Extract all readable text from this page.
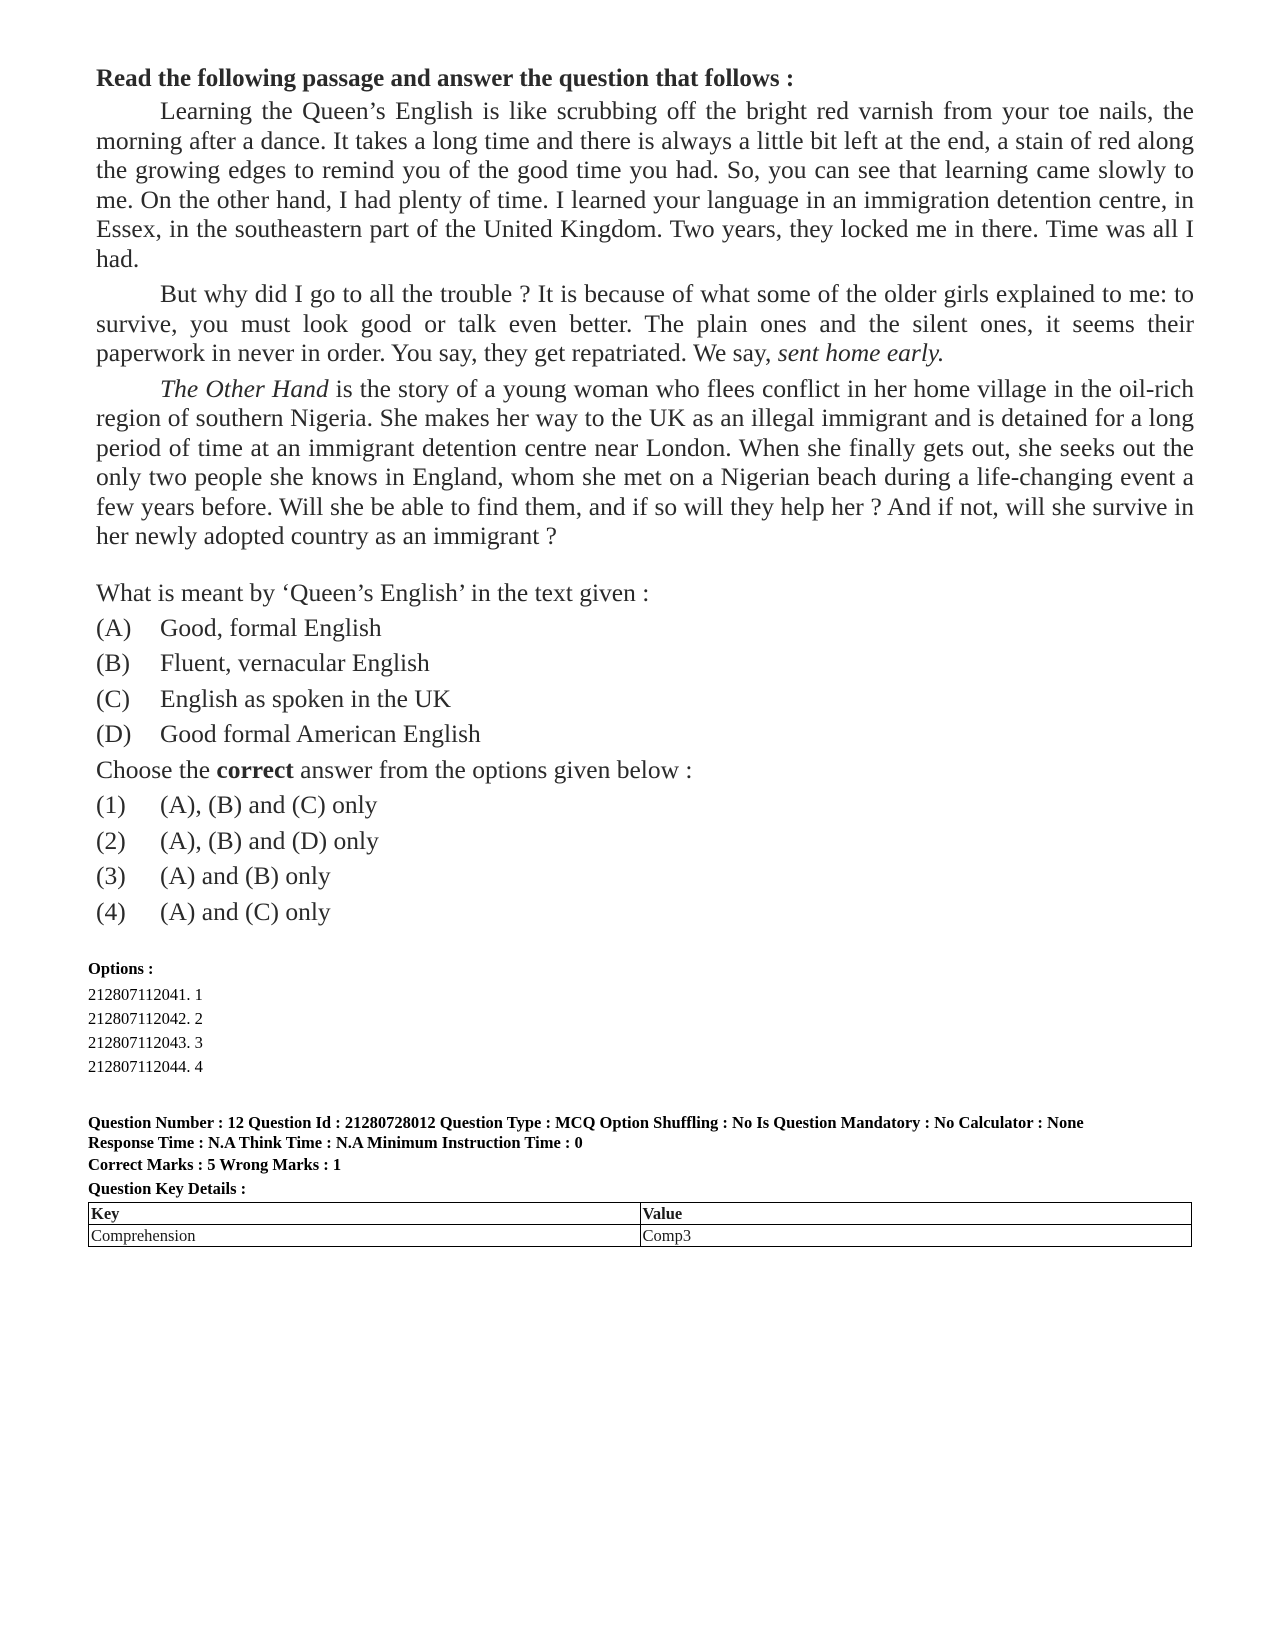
Read the following passage and answer the question that follows :

Learning the Queen’s English is like scrubbing off the bright red varnish from your toe nails, the morning after a dance. It takes a long time and there is always a little bit left at the end, a stain of red along the growing edges to remind you of the good time you had. So, you can see that learning came slowly to me. On the other hand, I had plenty of time. I learned your language in an immigration detention centre, in Essex, in the southeastern part of the United Kingdom. Two years, they locked me in there. Time was all I had.

But why did I go to all the trouble ? It is because of what some of the older girls explained to me: to survive, you must look good or talk even better. The plain ones and the silent ones, it seems their paperwork in never in order. You say, they get repatriated. We say, sent home early.

The Other Hand is the story of a young woman who flees conflict in her home village in the oil-rich region of southern Nigeria. She makes her way to the UK as an illegal immigrant and is detained for a long period of time at an immigrant detention centre near London. When she finally gets out, she seeks out the only two people she knows in England, whom she met on a Nigerian beach during a life-changing event a few years before. Will she be able to find them, and if so will they help her ? And if not, will she survive in her newly adopted country as an immigrant ?

What is meant by ‘Queen’s English’ in the text given :

(A)	Good, formal English
(B)	Fluent, vernacular English
(C)	English as spoken in the UK
(D)	Good formal American English
Choose the correct answer from the options given below :
(1)	(A), (B) and (C) only
(2)	(A), (B) and (D) only
(3)	(A) and (B) only
(4)	(A) and (C) only
Options :
212807112041. 1
212807112042. 2
212807112043. 3
212807112044. 4
Question Number : 12 Question Id : 21280728012 Question Type : MCQ Option Shuffling : No Is Question Mandatory : No Calculator : None
Response Time : N.A Think Time : N.A Minimum Instruction Time : 0
Correct Marks : 5 Wrong Marks : 1
Question Key Details :
Key	Value
Comprehension	Comp3
